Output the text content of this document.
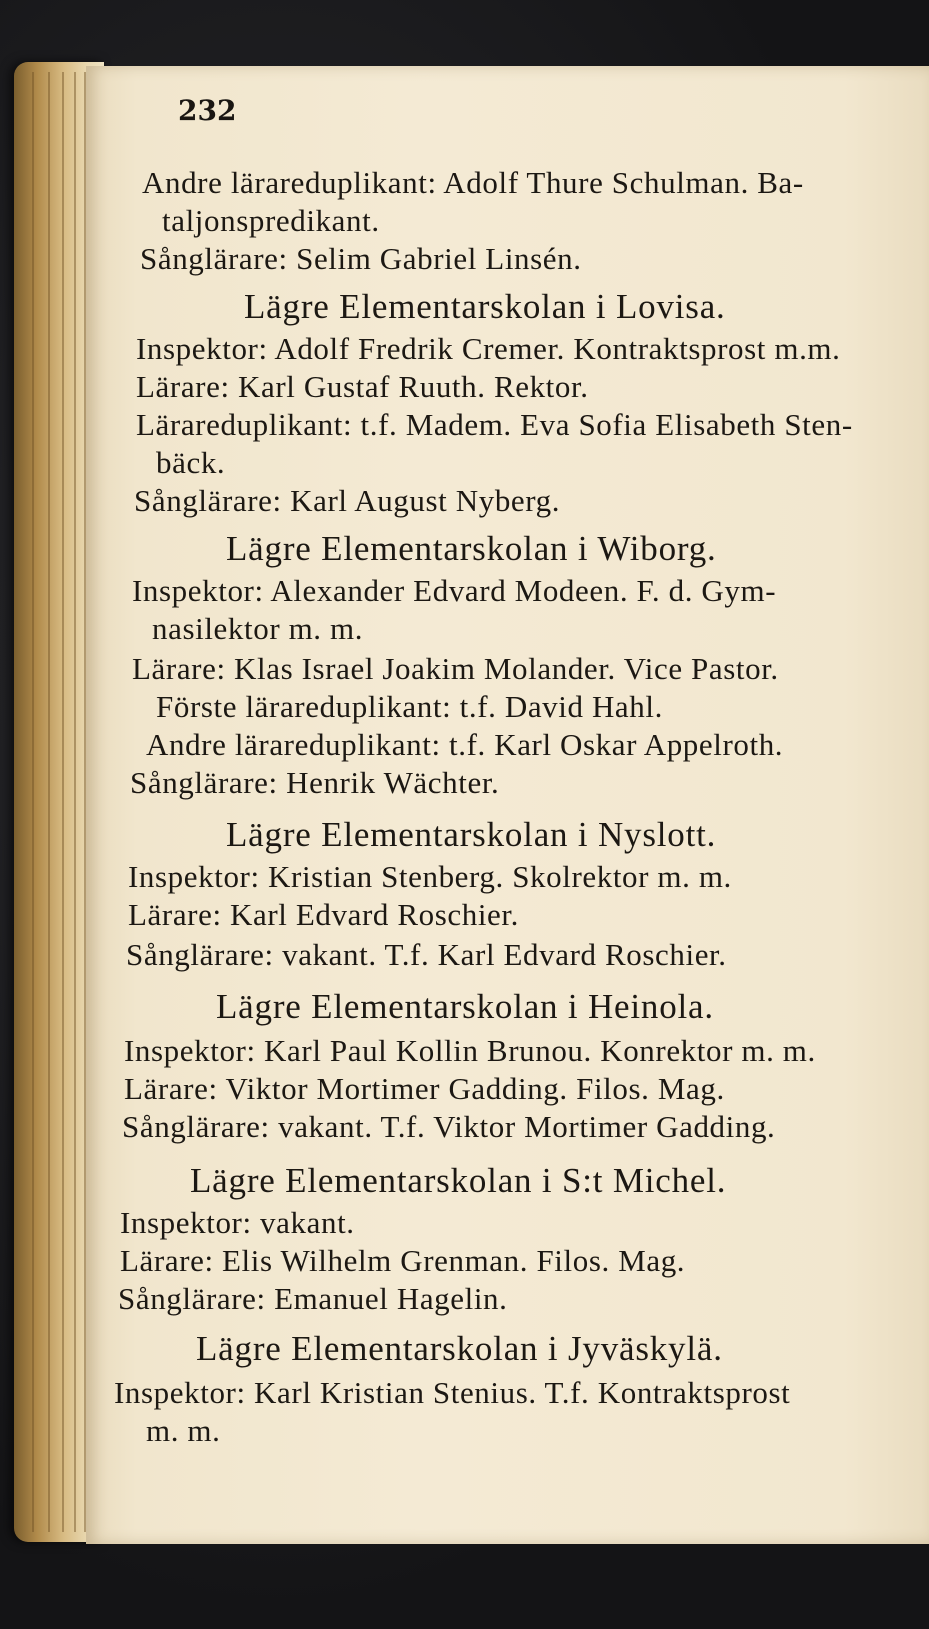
232
Andre lärareduplikant: Adolf Thure Schulman. Ba-
taljonspredikant.
Sånglärare: Selim Gabriel Linsén.
Lägre Elementarskolan i Lovisa.
Inspektor: Adolf Fredrik Cremer. Kontraktsprost m.m.
Lärare: Karl Gustaf Ruuth. Rektor.
Lärareduplikant: t.f. Madem. Eva Sofia Elisabeth Sten-
bäck.
Sånglärare: Karl August Nyberg.
Lägre Elementarskolan i Wiborg.
Inspektor: Alexander Edvard Modeen. F. d. Gym-
nasilektor m. m.
Lärare: Klas Israel Joakim Molander. Vice Pastor.
Förste lärareduplikant: t.f. David Hahl.
Andre lärareduplikant: t.f. Karl Oskar Appelroth.
Sånglärare: Henrik Wächter.
Lägre Elementarskolan i Nyslott.
Inspektor: Kristian Stenberg. Skolrektor m. m.
Lärare: Karl Edvard Roschier.
Sånglärare: vakant. T.f. Karl Edvard Roschier.
Lägre Elementarskolan i Heinola.
Inspektor: Karl Paul Kollin Brunou. Konrektor m. m.
Lärare: Viktor Mortimer Gadding. Filos. Mag.
Sånglärare: vakant. T.f. Viktor Mortimer Gadding.
Lägre Elementarskolan i S:t Michel.
Inspektor: vakant.
Lärare: Elis Wilhelm Grenman. Filos. Mag.
Sånglärare: Emanuel Hagelin.
Lägre Elementarskolan i Jyväskylä.
Inspektor: Karl Kristian Stenius. T.f. Kontraktsprost
m. m.
